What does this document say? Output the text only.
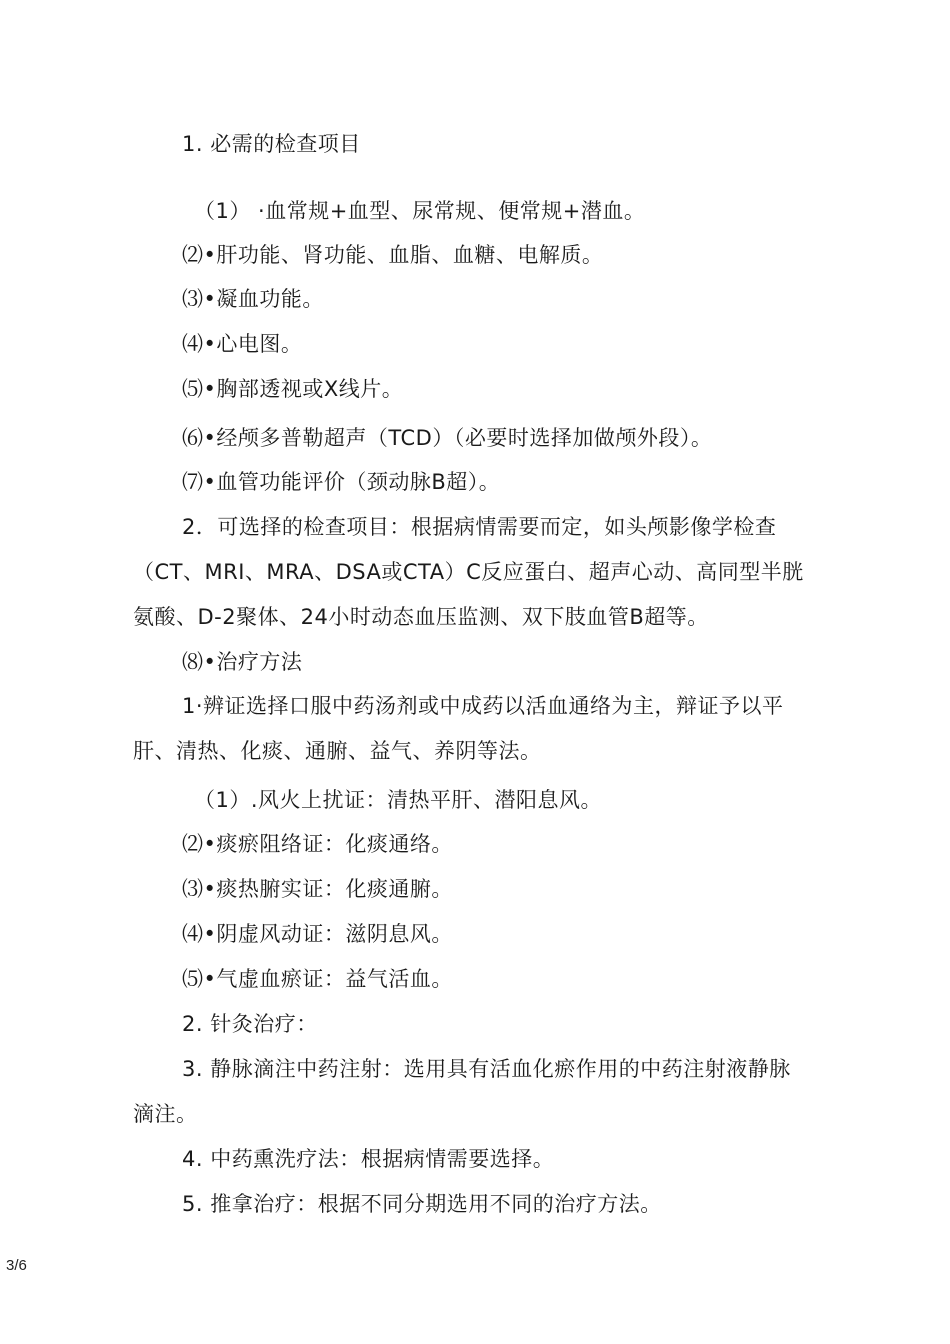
1. 必需的检查项目
（1） ·血常规+血型、尿常规、便常规+潜血。
⑵•肝功能、肾功能、血脂、血糖、电解质。
⑶•凝血功能。
⑷•心电图。
⑸•胸部透视或X线片。
⑹•经颅多普勒超声（TCD）（必要时选择加做颅外段）。
⑺•血管功能评价（颈动脉B超）。
2．可选择的检查项目：根据病情需要而定，如头颅影像学检查
（CT、MRI、MRA、DSA或CTA）C反应蛋白、超声心动、高同型半胱
氨酸、D-2聚体、24小时动态血压监测、双下肢血管B超等。
⑻•治疗方法
1·辨证选择口服中药汤剂或中成药以活血通络为主，辩证予以平
肝、清热、化痰、通腑、益气、养阴等法。
（1）.风火上扰证：清热平肝、潜阳息风。
⑵•痰瘀阻络证：化痰通络。
⑶•痰热腑实证：化痰通腑。
⑷•阴虚风动证：滋阴息风。
⑸•气虚血瘀证：益气活血。
2. 针灸治疗：
3. 静脉滴注中药注射：选用具有活血化瘀作用的中药注射液静脉
滴注。
4. 中药熏洗疗法：根据病情需要选择。
5. 推拿治疗：根据不同分期选用不同的治疗方法。
3/6
